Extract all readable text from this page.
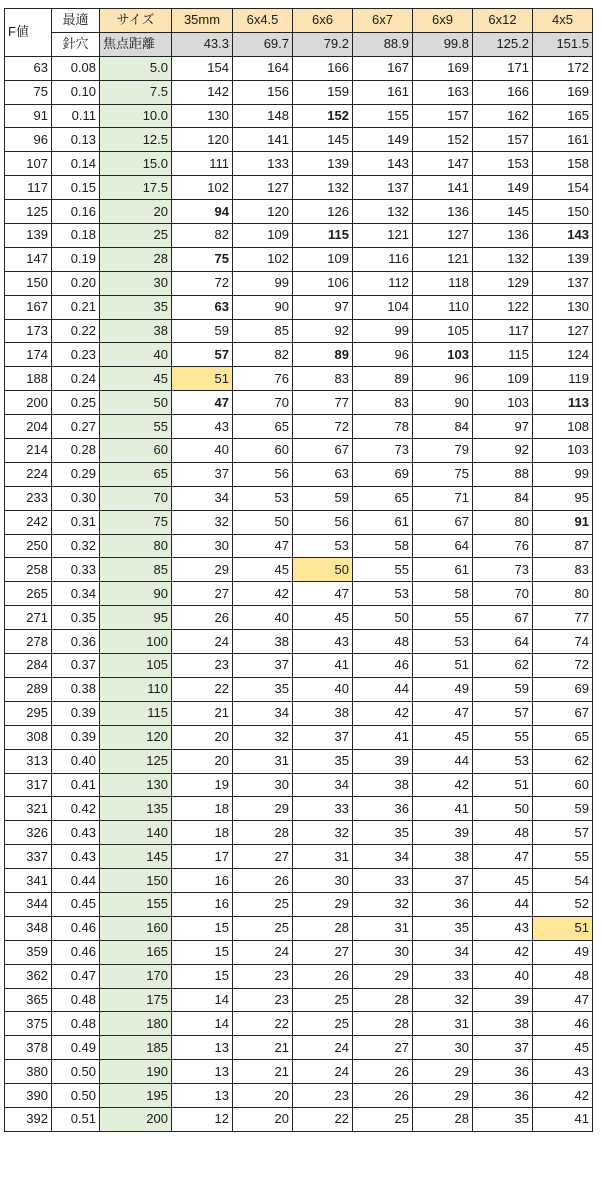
F値	最適	サイズ	35mm	6x4.5	6x6	6x7	6x9	6x12	4x5
	針穴	焦点距離	43.3	69.7	79.2	88.9	99.8	125.2	151.5
63	0.08	5.0	154	164	166	167	169	171	172
75	0.10	7.5	142	156	159	161	163	166	169
91	0.11	10.0	130	148	152	155	157	162	165
96	0.13	12.5	120	141	145	149	152	157	161
107	0.14	15.0	111	133	139	143	147	153	158
117	0.15	17.5	102	127	132	137	141	149	154
125	0.16	20	94	120	126	132	136	145	150
139	0.18	25	82	109	115	121	127	136	143
147	0.19	28	75	102	109	116	121	132	139
150	0.20	30	72	99	106	112	118	129	137
167	0.21	35	63	90	97	104	110	122	130
173	0.22	38	59	85	92	99	105	117	127
174	0.23	40	57	82	89	96	103	115	124
188	0.24	45	51	76	83	89	96	109	119
200	0.25	50	47	70	77	83	90	103	113
204	0.27	55	43	65	72	78	84	97	108
214	0.28	60	40	60	67	73	79	92	103
224	0.29	65	37	56	63	69	75	88	99
233	0.30	70	34	53	59	65	71	84	95
242	0.31	75	32	50	56	61	67	80	91
250	0.32	80	30	47	53	58	64	76	87
258	0.33	85	29	45	50	55	61	73	83
265	0.34	90	27	42	47	53	58	70	80
271	0.35	95	26	40	45	50	55	67	77
278	0.36	100	24	38	43	48	53	64	74
284	0.37	105	23	37	41	46	51	62	72
289	0.38	110	22	35	40	44	49	59	69
295	0.39	115	21	34	38	42	47	57	67
308	0.39	120	20	32	37	41	45	55	65
313	0.40	125	20	31	35	39	44	53	62
317	0.41	130	19	30	34	38	42	51	60
321	0.42	135	18	29	33	36	41	50	59
326	0.43	140	18	28	32	35	39	48	57
337	0.43	145	17	27	31	34	38	47	55
341	0.44	150	16	26	30	33	37	45	54
344	0.45	155	16	25	29	32	36	44	52
348	0.46	160	15	25	28	31	35	43	51
359	0.46	165	15	24	27	30	34	42	49
362	0.47	170	15	23	26	29	33	40	48
365	0.48	175	14	23	25	28	32	39	47
375	0.48	180	14	22	25	28	31	38	46
378	0.49	185	13	21	24	27	30	37	45
380	0.50	190	13	21	24	26	29	36	43
390	0.50	195	13	20	23	26	29	36	42
392	0.51	200	12	20	22	25	28	35	41
